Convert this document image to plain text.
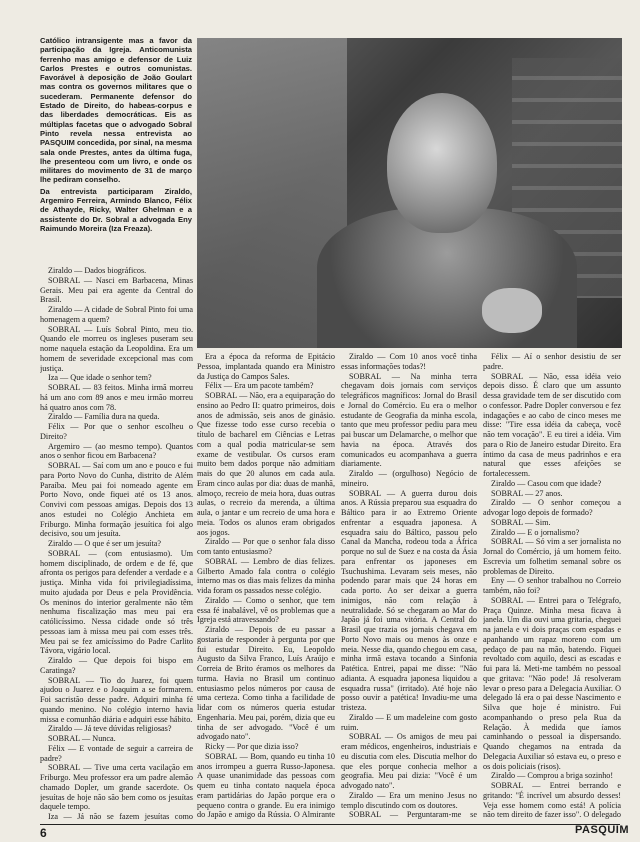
Católico intransigente mas a favor da participação da Igreja. Anticomunista ferrenho mas amigo e defensor de Luiz Carlos Prestes e outros comunistas. Favorável à deposição de João Goulart mas contra os governos militares que o sucederam. Permanente defensor do Estado de Direito, do habeas-corpus e das liberdades democráticas. Eis as múltiplas facetas que o advogado Sobral Pinto revela nessa entrevista ao PASQUIM concedida, por sinal, na mesma sala onde Prestes, antes da última fuga, lhe presenteou com um livro, e onde os militares do movimento de 31 de março lhe pediram conselho.

Da entrevista participaram Ziraldo, Argemiro Ferreira, Armindo Blanco, Félix de Athayde, Ricky, Walter Ghelman e a assistente do Dr. Sobral a advogada Eny Raimundo Moreira (Iza Freaza).

Ziraldo — Dados biográficos.

SOBRAL — Nasci em Barbacena, Minas Gerais. Meu pai era agente da Central do Brasil.

Ziraldo — A cidade de Sobral Pinto foi uma homenagem a quem?

SOBRAL — Luís Sobral Pinto, meu tio. Quando ele morreu os ingleses puseram seu nome naquela estação da Leopoldina. Era um homem de severidade excepcional mas com justiça.

Iza — Que idade o senhor tem?

SOBRAL — 83 feitos. Minha irmã morreu há um ano com 89 anos e meu irmão morreu há quatro anos com 78.

Ziraldo — Família dura na queda.

Félix — Por que o senhor escolheu o Direito?

Argemiro — (ao mesmo tempo). Quantos anos o senhor ficou em Barbacena?

SOBRAL — Saí com um ano e pouco e fui para Porto Novo do Cunha, distrito de Além Paraíba. Meu pai foi nomeado agente em Porto Novo, onde fiquei até os 13 anos. Convivi com pessoas amigas. Depois dos 13 anos estudei no Colégio Anchieta em Friburgo. Minha formação jesuítica foi algo decisivo, sou um jesuíta.

Ziraldo — O que é ser um jesuíta?

SOBRAL — (com entusiasmo). Um homem disciplinado, de ordem e de fé, que afronta os perigos para defender a verdade e a justiça. Minha vida foi privilegiadíssima, muito ajudada por Deus e pela Providência. Os meninos do interior geralmente não têm nenhuma fiscalização mas meu pai era católicíssimo. Nessa cidade onde só três pessoas iam à missa meu pai com esses três. Meu pai se fez amicíssimo do Padre Carlito Távora, vigário local.

Ziraldo — Que depois foi bispo em Caratinga?

SOBRAL — Tio do Juarez, foi quem ajudou o Juarez e o Joaquim a se formarem. Foi sacristão desse padre. Adquiri minha fé quando menino. No colégio interno havia missa e comunhão diária e adquiri esse hábito.

Ziraldo — Já teve dúvidas religiosas?

SOBRAL — Nunca.

Félix — E vontade de seguir a carreira de padre?

SOBRAL — Tive uma certa vacilação em Friburgo. Meu professor era um padre alemão chamado Dopler, um grande sacerdote. Os jesuítas de hoje não são bem como os jesuítas daquele tempo.

Iza — Já não se fazem jesuítas como

Era a época da reforma de Epitácio Pessoa, implantada quando era Ministro da Justiça do Campos Sales.

Félix — Era um pacote também?

SOBRAL — Não, era a equiparação do ensino ao Pedro II: quatro primeiros, dois anos de admissão, seis anos de ginásio. Que fizesse todo esse curso recebia o título de bacharel em Ciências e Letras com a qual podia matricular-se sem exame de vestibular. Os cursos eram muito bem dados porque não admitiam mais do que 20 alunos em cada aula. Eram cinco aulas por dia: duas de manhã, almoço, recreio de meia hora, duas outras aulas, o recreio da merenda, a última aula, o jantar e um recreio de uma hora e meia. Todos os alunos eram obrigados aos jogos.

Ziraldo — Por que o senhor fala disso com tanto entusiasmo?

SOBRAL — Lembro de dias felizes. Gilberto Amado fala contra o colégio interno mas os dias mais felizes da minha vida foram os passados nesse colégio.

Ziraldo — Como o senhor, que tem essa fé inabalável, vê os problemas que a Igreja está atravessando?

Ziraldo — Depois de eu passar a gostaria de responder à pergunta por que fui estudar Direito. Eu, Leopoldo Augusto da Silva Franco, Luís Araújo e Correia de Brito éramos os melhores da turma. Havia no Brasil um continuo entusiasmo pelos números por causa de uma certeza. Como tinha a facilidade de lidar com os números queria estudar Engenharia. Meu pai, porém, dizia que eu tinha de ser advogado. "Você é um advogado nato".

Ricky — Por que dizia isso?

SOBRAL — Bom, quando eu tinha 10 anos irrompeu a guerra Russo-Japonesa. A quase unanimidade das pessoas com quem eu tinha contato naquela época eram partidárias do Japão porque era o pequeno contra o grande. Eu era inimigo do Japão e amigo da Rússia. O Almirante

Ziraldo — Com 10 anos você tinha essas informações todas?!

SOBRAL — Na minha terra chegavam dois jornais com serviços telegráficos magníficos: Jornal do Brasil e Jornal do Comércio. Eu era o melhor estudante de Geografia da minha escola, tanto que meu professor pediu para meu pai buscar um Delamarche, o melhor que havia na época. Através dos comunicados eu acompanhava a guerra diariamente.

Ziraldo — (orgulhoso) Negócio de mineiro.

SOBRAL — A guerra durou dois anos. A Rússia preparou sua esquadra do Báltico para ir ao Extremo Oriente enfrentar a esquadra japonesa. A esquadra saiu do Báltico, passou pelo Canal da Mancha, rodeou toda a África porque no sul de Suez e na costa da Ásia para enfrentar os japoneses em Tsuchushima. Levaram seis meses, não podendo parar mais que 24 horas em cada porto. Ao ser deixar a guerra inimigos, não com relação à neutralidade. Só se chegaram ao Mar do Japão já foi uma vitória. A Central do Brasil que trazia os jornais chegava em Porto Novo mais ou menos às onze e meia. Nesse dia, quando chegou em casa, minha irmã estava tocando a Sinfonia Patética. Entrei, papai me disse: "Não adianta. A esquadra japonesa liquidou a esquadra russa" (irritado). Até hoje não posso ouvir a patética! Invadiu-me uma tristeza.

Ziraldo — E um madeleine com gosto ruim.

SOBRAL — Os amigos de meu pai eram médicos, engenheiros, industriais e eu discutia com eles. Discutia melhor do que eles porque conhecia melhor a geografia. Meu pai dizia: "Você é um advogado nato".

Ziraldo — Era um menino Jesus no templo discutindo com os doutores.

SOBRAL — Perguntaram-me se

Félix — Aí o senhor desistiu de ser padre.

SOBRAL — Não, essa idéia veio depois disso. É claro que um assunto dessa gravidade tem de ser discutido com o confessor. Padre Dopler conversou e fez indagações e ao cabo de cinco meses me disse: "Tire essa idéia da cabeça, você não tem vocação". E eu tirei a idéia. Vim para o Rio de Janeiro estudar Direito. Era íntimo da casa de meus padrinhos e era natural que esses afeições se fortalecessem.

Ziraldo — Casou com que idade?

SOBRAL — 27 anos.

Ziraldo — O senhor começou a advogar logo depois de formado?

SOBRAL — Sim.

Ziraldo — E o jornalismo?

SOBRAL — Só vim a ser jornalista no Jornal do Comércio, já um homem feito. Escrevia um folhetim semanal sobre os problemas de Direito.

Eny — O senhor trabalhou no Correio também, não foi?

SOBRAL — Entrei para o Telégrafo, Praça Quinze. Minha mesa ficava à janela. Um dia ouvi uma gritaria, cheguei na janela e vi dois praças com espadas e apanhando um rapaz moreno com um pedaço de pau na mão, batendo. Fiquei revoltado com aquilo, desci as escadas e fui para lá. Meti-me também no pessoal que gritava: "Não pode! Já resolveram levar o preso para a Delegacia Auxiliar. O delegado lá era o pai desse Nascimento e Silva que hoje é ministro. Fui acompanhando o preso pela Rua da Relação. À medida que íamos caminhando o pessoal ia dispersando. Quando chegamos na entrada da Delegacia Auxiliar só estava eu, o preso e os dois policiais (risos).

Ziraldo — Comprou a briga sozinho!

SOBRAL — Entrei berrando e gritando: "É incrível um absurdo desses! Veja esse homem como está! A polícia não tem direito de fazer isso". O delegado

6	PASQUIM
